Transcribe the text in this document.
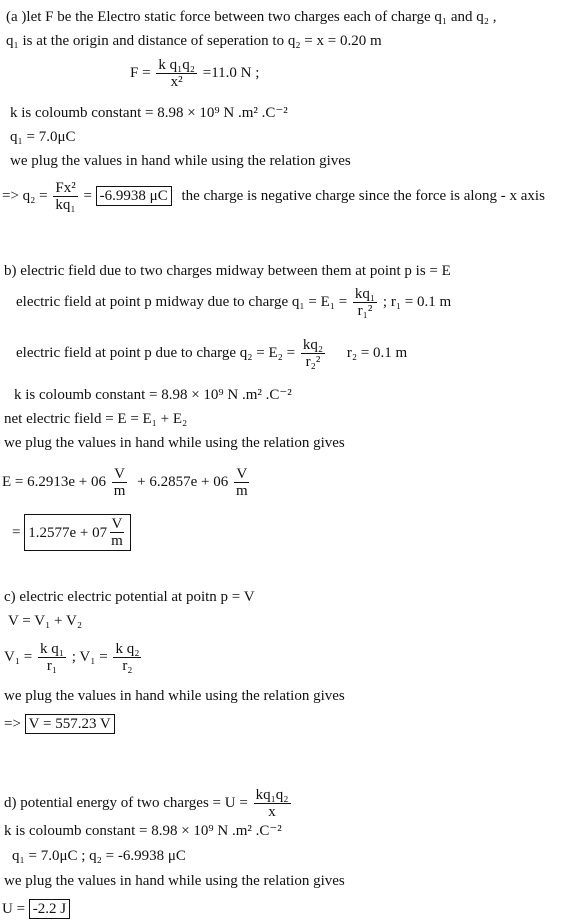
(a )let F be the Electro static force between two charges each of charge q₁ and q₂ ,
q₁ is at the origin and distance of seperation to q₂ = x = 0.20 m
$F = \frac{\text{k q₁q₂}}{\text{x²}} =11.0$ N ;
k is coloumb constant = 8.98 × 10⁹ N .m² .C⁻²
q₁ = 7.0μC
we plug the values in hand while using the relation gives
=> $q_2 = \frac{\text{Fx²}}{\text{kq₁}} = -6.9938$ μC the charge is negative charge since the force is along - x axis
b) electric field due to two charges midway between them at point p is = E
electric field at point p midway due to charge $q_1 = E_1 = \frac{\text{kq₁}}{\text{r₁²}}$ ; r₁ = 0.1 m
electric field at point p due to charge $q_2 = E_2 = \frac{\text{kq₂}}{\text{r₂²}} r_2 = 0.1$ m
k is coloumb constant = 8.98 × 10⁹ N .m² .C⁻²
net electric field = E = E₁ + E₂
we plug the values in hand while using the relation gives
$E = 6.2913e + 06 \frac{V}{m} + 6.2857e + 06 \frac{V}{m}$
= $1.2577e + 07 \frac{V}{m}$
c) electric electric potential at poitn p = V
V = V₁ + V₂
$V_1 = \frac{\text{k q₁}}{\text{r₁}}$ ; $V_1 = \frac{\text{k q₂}}{\text{r₂}}$
we plug the values in hand while using the relation gives
=> V = 557.23 V
d) potential energy of two charges = $U = \frac{\text{kq₁q₂}}{x}$
k is coloumb constant = 8.98 × 10⁹ N .m² .C⁻²
q₁ = 7.0μC ; q₂ = -6.9938 μC
we plug the values in hand while using the relation gives
U = -2.2 J
